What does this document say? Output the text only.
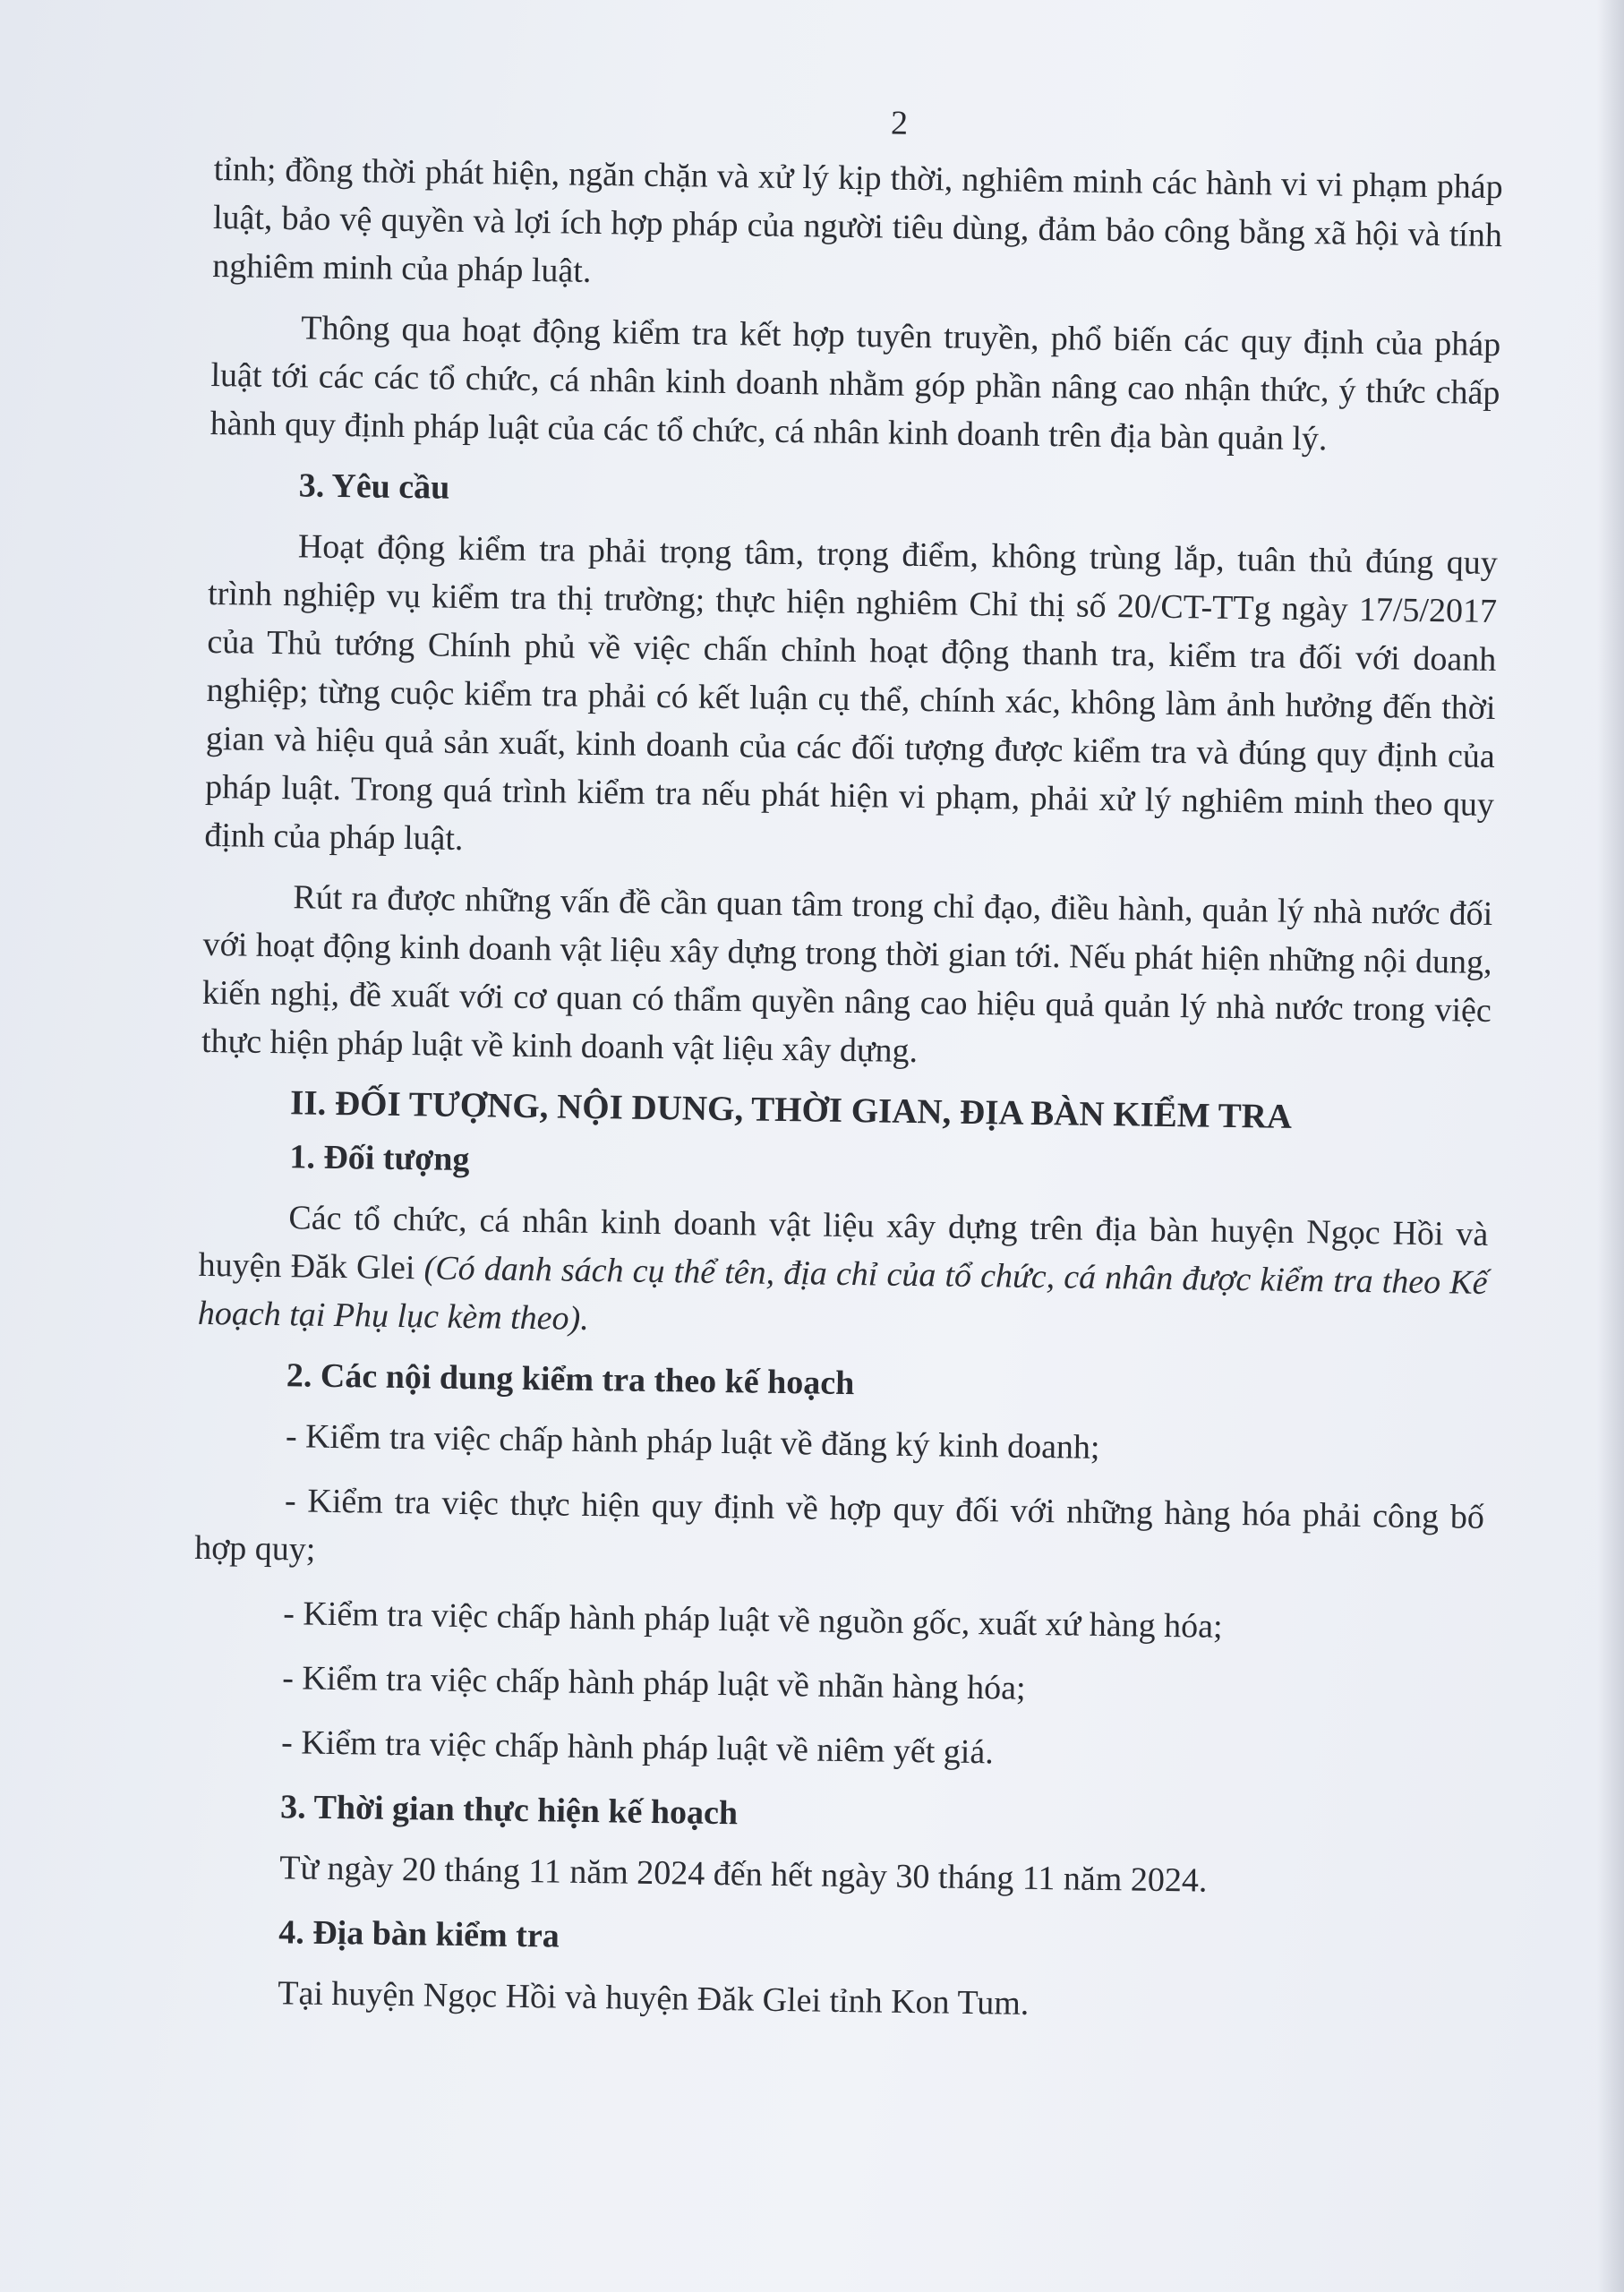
2

tỉnh; đồng thời phát hiện, ngăn chặn và xử lý kịp thời, nghiêm minh các hành vi vi phạm pháp luật, bảo vệ quyền và lợi ích hợp pháp của người tiêu dùng, đảm bảo công bằng xã hội và tính nghiêm minh của pháp luật.

Thông qua hoạt động kiểm tra kết hợp tuyên truyền, phổ biến các quy định của pháp luật tới các các tổ chức, cá nhân kinh doanh nhằm góp phần nâng cao nhận thức, ý thức chấp hành quy định pháp luật của các tổ chức, cá nhân kinh doanh trên địa bàn quản lý.

3. Yêu cầu

Hoạt động kiểm tra phải trọng tâm, trọng điểm, không trùng lắp, tuân thủ đúng quy trình nghiệp vụ kiểm tra thị trường; thực hiện nghiêm Chỉ thị số 20/CT-TTg ngày 17/5/2017 của Thủ tướng Chính phủ về việc chấn chỉnh hoạt động thanh tra, kiểm tra đối với doanh nghiệp; từng cuộc kiểm tra phải có kết luận cụ thể, chính xác, không làm ảnh hưởng đến thời gian và hiệu quả sản xuất, kinh doanh của các đối tượng được kiểm tra và đúng quy định của pháp luật. Trong quá trình kiểm tra nếu phát hiện vi phạm, phải xử lý nghiêm minh theo quy định của pháp luật.

Rút ra được những vấn đề cần quan tâm trong chỉ đạo, điều hành, quản lý nhà nước đối với hoạt động kinh doanh vật liệu xây dựng trong thời gian tới. Nếu phát hiện những nội dung, kiến nghị, đề xuất với cơ quan có thẩm quyền nâng cao hiệu quả quản lý nhà nước trong việc thực hiện pháp luật về kinh doanh vật liệu xây dựng.

II. ĐỐI TƯỢNG, NỘI DUNG, THỜI GIAN, ĐỊA BÀN KIỂM TRA
1. Đối tượng

Các tổ chức, cá nhân kinh doanh vật liệu xây dựng trên địa bàn huyện Ngọc Hồi và huyện Đăk Glei (Có danh sách cụ thể tên, địa chỉ của tổ chức, cá nhân được kiểm tra theo Kế hoạch tại Phụ lục kèm theo).

2. Các nội dung kiểm tra theo kế hoạch

- Kiểm tra việc chấp hành pháp luật về đăng ký kinh doanh;

- Kiểm tra việc thực hiện quy định về hợp quy đối với những hàng hóa phải công bố hợp quy;

- Kiểm tra việc chấp hành pháp luật về nguồn gốc, xuất xứ hàng hóa;

- Kiểm tra việc chấp hành pháp luật về nhãn hàng hóa;

- Kiểm tra việc chấp hành pháp luật về niêm yết giá.

3. Thời gian thực hiện kế hoạch

Từ ngày 20 tháng 11 năm 2024 đến hết ngày 30 tháng 11 năm 2024.

4. Địa bàn kiểm tra

Tại huyện Ngọc Hồi và huyện Đăk Glei tỉnh Kon Tum.
